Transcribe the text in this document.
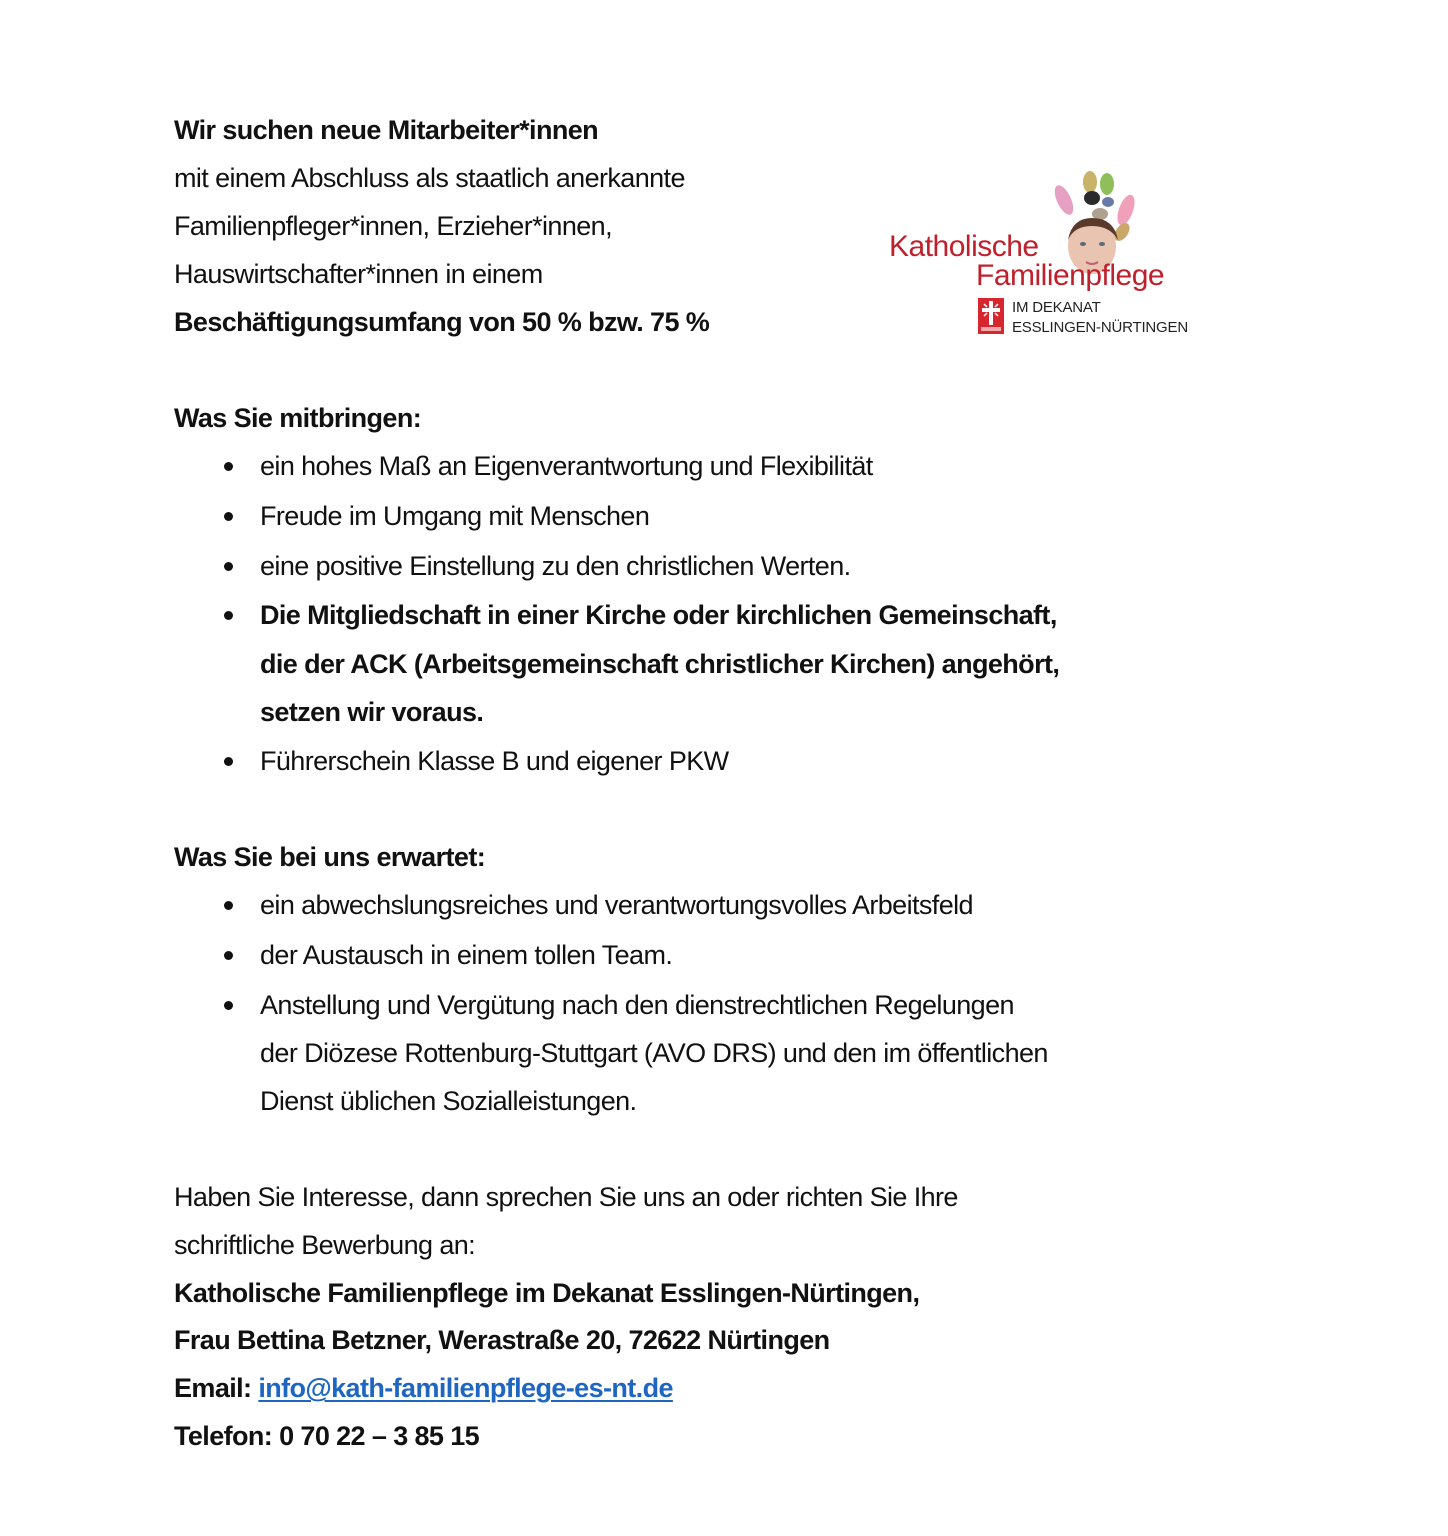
Wir suchen neue Mitarbeiter*innen
mit einem Abschluss als staatlich anerkannte
Familienpfleger*innen, Erzieher*innen,
Hauswirtschafter*innen in einem
Beschäftigungsumfang von 50 % bzw. 75 %
Katholische
Familienpflege
IM DEKANAT
ESSLINGEN-NÜRTINGEN
Was Sie mitbringen:
ein hohes Maß an Eigenverantwortung und Flexibilität
Freude im Umgang mit Menschen
eine positive Einstellung zu den christlichen Werten.
Die Mitgliedschaft in einer Kirche oder kirchlichen Gemeinschaft,
die der ACK (Arbeitsgemeinschaft christlicher Kirchen) angehört,
setzen wir voraus.
Führerschein Klasse B und eigener PKW
Was Sie bei uns erwartet:
ein abwechslungsreiches und verantwortungsvolles Arbeitsfeld
der Austausch in einem tollen Team.
Anstellung und Vergütung nach den dienstrechtlichen Regelungen
der Diözese Rottenburg-Stuttgart (AVO DRS) und den im öffentlichen
Dienst üblichen Sozialleistungen.
Haben Sie Interesse, dann sprechen Sie uns an oder richten Sie Ihre
schriftliche Bewerbung an:
Katholische Familienpflege im Dekanat Esslingen-Nürtingen,
Frau Bettina Betzner, Werastraße 20, 72622 Nürtingen
Email: info@kath-familienpflege-es-nt.de
Telefon: 0 70 22 – 3 85 15
